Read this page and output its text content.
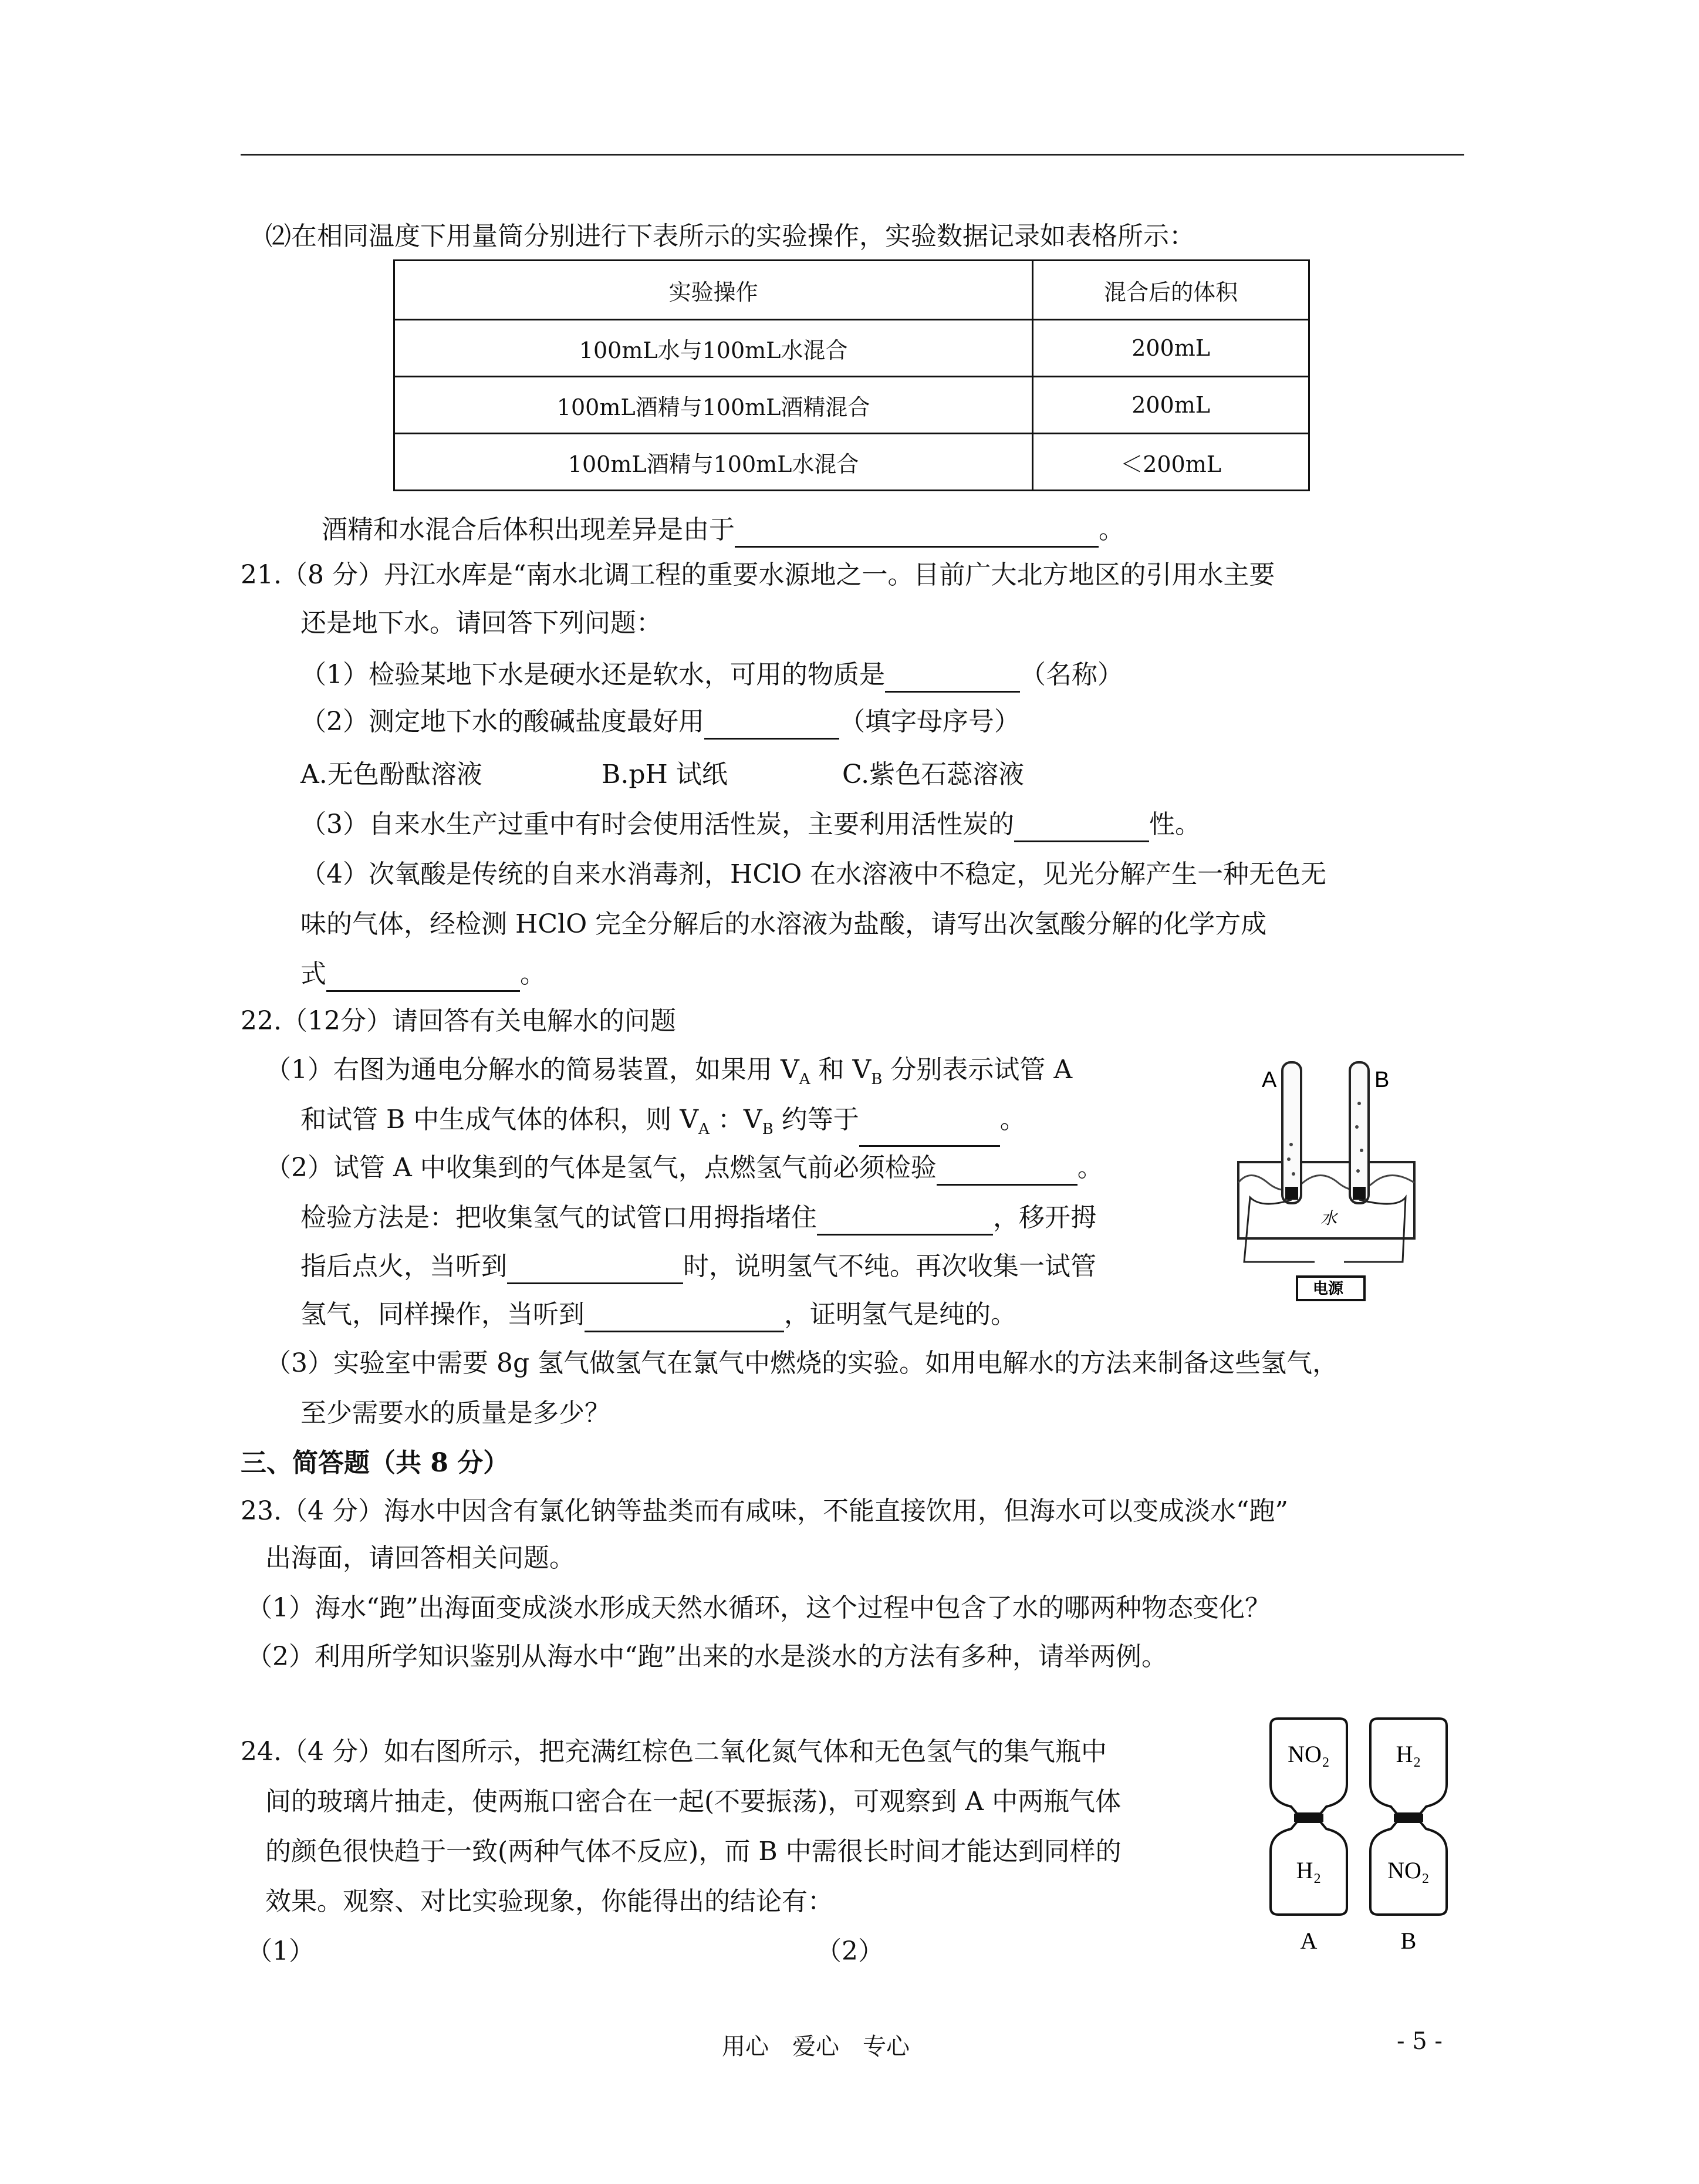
⑵在相同温度下用量筒分别进行下表所示的实验操作，实验数据记录如表格所示：
实验操作	混合后的体积
100mL水与100mL水混合	200mL
100mL酒精与100mL酒精混合	200mL
100mL酒精与100mL水混合	＜200mL
酒精和水混合后体积出现差异是由于	。
21.（8 分）丹江水库是“南水北调工程的重要水源地之一。目前广大北方地区的引用水主要
还是地下水。请回答下列问题：
（1）检验某地下水是硬水还是软水，可用的物质是	（名称）
（2）测定地下水的酸碱盐度最好用	（填字母序号）
A.无色酚酞溶液	B.pH 试纸	C.紫色石蕊溶液
（3）自来水生产过重中有时会使用活性炭，主要利用活性炭的	性。
（4）次氧酸是传统的自来水消毒剂，HClO 在水溶液中不稳定，见光分解产生一种无色无
味的气体，经检测 HClO 完全分解后的水溶液为盐酸，请写出次氢酸分解的化学方成
式	。
22.（12分）请回答有关电解水的问题
（1）右图为通电分解水的简易装置，如果用 $V_A$ 和 $V_B$ 分别表示试管 A
和试管 B 中生成气体的体积，则 $V_A$ ：$V_B$ 约等于	。
（2）试管 A 中收集到的气体是氢气，点燃氢气前必须检验	。
检验方法是：把收集氢气的试管口用拇指堵住	，移开拇
指后点火，当听到	时，说明氢气不纯。再次收集一试管
氢气，同样操作，当听到	，证明氢气是纯的。
（3）实验室中需要 8g 氢气做氢气在氯气中燃烧的实验。如用电解水的方法来制备这些氢气，
至少需要水的质量是多少？
A	B
水
电源
三、简答题（共 8 分）
23.（4 分）海水中因含有氯化钠等盐类而有咸味，不能直接饮用，但海水可以变成淡水“跑”
出海面，请回答相关问题。
（1）海水“跑”出海面变成淡水形成天然水循环，这个过程中包含了水的哪两种物态变化？
（2）利用所学知识鉴别从海水中“跑”出来的水是淡水的方法有多种，请举两例。
24.（4 分）如右图所示，把充满红棕色二氧化氮气体和无色氢气的集气瓶中
间的玻璃片抽走，使两瓶口密合在一起(不要振荡)，可观察到 A 中两瓶气体
的颜色很快趋于一致(两种气体不反应)，而 B 中需很长时间才能达到同样的
效果。观察、对比实验现象，你能得出的结论有：
（1）	（2）
NO₂
H₂
H₂
NO₂
A	B
用心　爱心　专心	- 5 -
